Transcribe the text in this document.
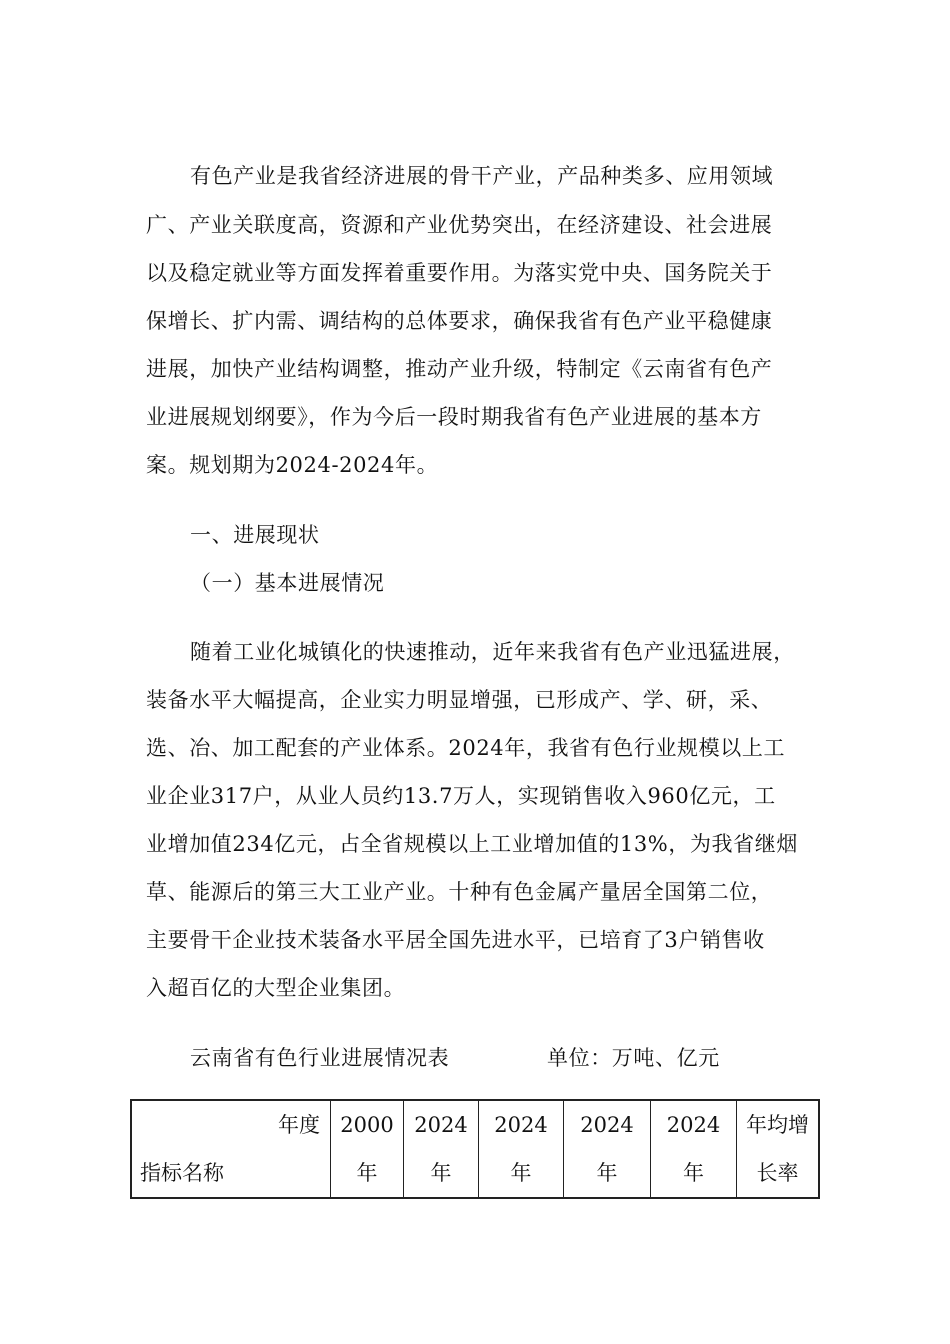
有色产业是我省经济进展的骨干产业，产品种类多、应用领域
广、产业关联度高，资源和产业优势突出，在经济建设、社会进展
以及稳定就业等方面发挥着重要作用。为落实党中央、国务院关于
保增长、扩内需、调结构的总体要求，确保我省有色产业平稳健康
进展，加快产业结构调整，推动产业升级，特制定《云南省有色产
业进展规划纲要》，作为今后一段时期我省有色产业进展的基本方
案。规划期为2024-2024年。
一、进展现状
（一）基本进展情况
随着工业化城镇化的快速推动，近年来我省有色产业迅猛进展，
装备水平大幅提高，企业实力明显增强，已形成产、学、研，采、
选、冶、加工配套的产业体系。2024年，我省有色行业规模以上工
业企业317户，从业人员约13.7万人，实现销售收入960亿元，工
业增加值234亿元，占全省规模以上工业增加值的13%，为我省继烟
草、能源后的第三大工业产业。十种有色金属产量居全国第二位，
主要骨干企业技术装备水平居全国先进水平，已培育了3户销售收
入超百亿的大型企业集团。
云南省有色行业进展情况表	单位：万吨、亿元
年度
指标名称
2000
年
2024
年
2024
年
2024
年
2024
年
年均增
长率
